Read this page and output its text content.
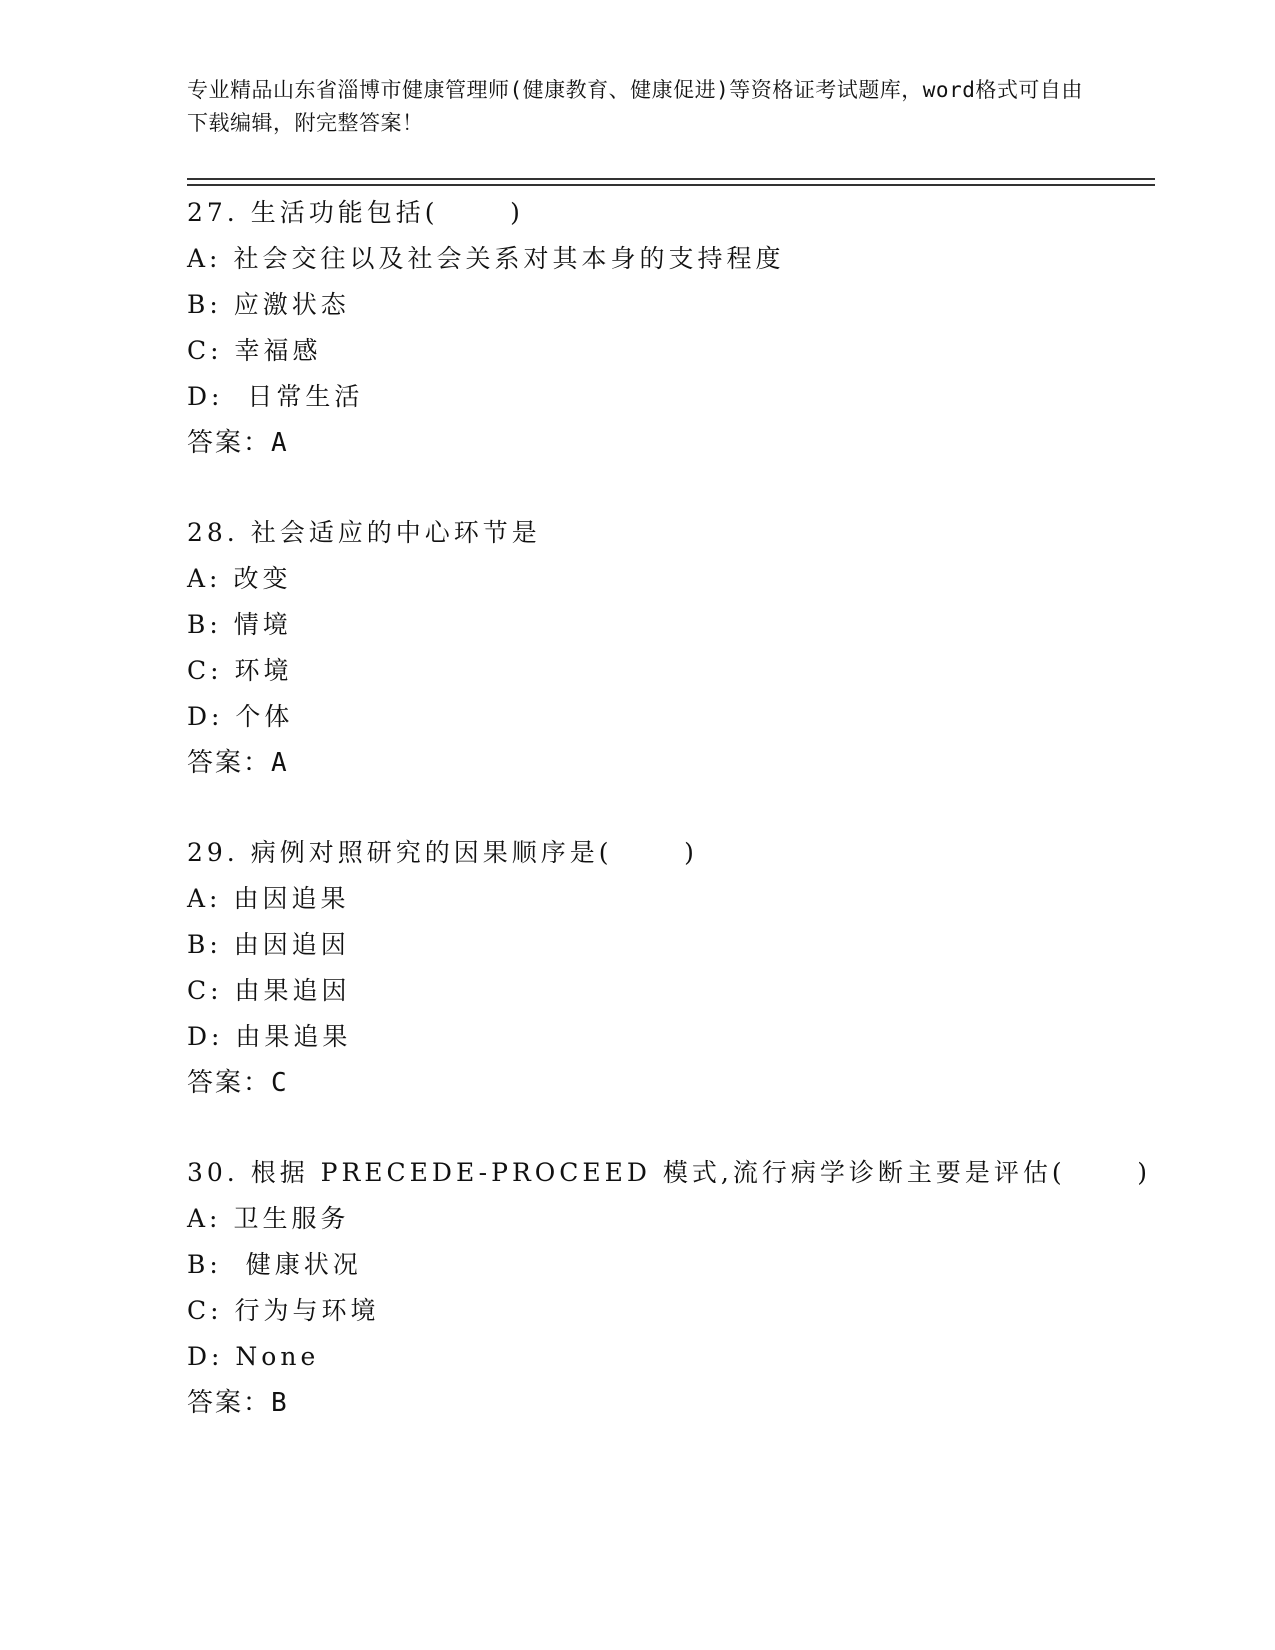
专业精品山东省淄博市健康管理师(健康教育、健康促进)等资格证考试题库，word格式可自由下载编辑，附完整答案！
27. 生活功能包括(      )
A: 社会交往以及社会关系对其本身的支持程度
B: 应激状态
C: 幸福感
D:  日常生活
答案：A
28. 社会适应的中心环节是
A: 改变
B: 情境
C: 环境
D: 个体
答案：A
29. 病例对照研究的因果顺序是(      )
A: 由因追果
B: 由因追因
C: 由果追因
D: 由果追果
答案：C
30. 根据 PRECEDE-PROCEED 模式,流行病学诊断主要是评估(      )
A: 卫生服务
B:  健康状况
C: 行为与环境
D: None
答案：B
